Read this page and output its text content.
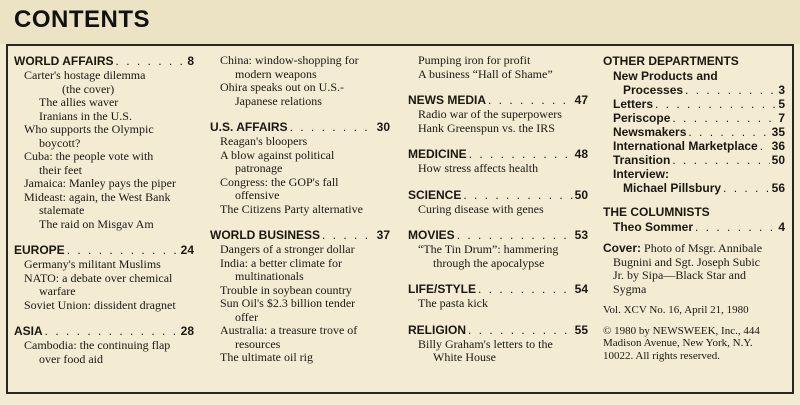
CONTENTS
WORLD AFFAIRS . . .	8
Carter's hostage dilemma
(the cover)
The allies waver
Iranians in the U.S.
Who supports the Olympic
boycott?
Cuba: the people vote with
their feet
Jamaica: Manley pays the piper
Mideast: again, the West Bank
stalemate
The raid on Misgav Am
EUROPE . . .	24
Germany's militant Muslims
NATO: a debate over chemical
warfare
Soviet Union: dissident dragnet
ASIA . . .	28
Cambodia: the continuing flap
over food aid
China: window-shopping for
modern weapons
Ohira speaks out on U.S.-
Japanese relations
U.S. AFFAIRS . . .	30
Reagan's bloopers
A blow against political
patronage
Congress: the GOP's fall
offensive
The Citizens Party alternative
WORLD BUSINESS . . .	37
Dangers of a stronger dollar
India: a better climate for
multinationals
Trouble in soybean country
Sun Oil's $2.3 billion tender
offer
Australia: a treasure trove of
resources
The ultimate oil rig
Pumping iron for profit
A business “Hall of Shame”
NEWS MEDIA . . .	47
Radio war of the superpowers
Hank Greenspun vs. the IRS
MEDICINE . . .	48
How stress affects health
SCIENCE . . .	50
Curing disease with genes
MOVIES . . .	53
“The Tin Drum”: hammering
through the apocalypse
LIFE/STYLE . . .	54
The pasta kick
RELIGION . . .	55
Billy Graham's letters to the
White House
OTHER DEPARTMENTS
New Products and
Processes . . .	3
Letters . . .	5
Periscope . . .	7
Newsmakers . . .	35
International Marketplace . . . 36
Transition . . .	50
Interview:
Michael Pillsbury . . .	56
THE COLUMNISTS
Theo Sommer . . .	4
Cover: Photo of Msgr. Annibale
Bugnini and Sgt. Joseph Subic
Jr. by Sipa—Black Star and
Sygma
Vol. XCV No. 16, April 21, 1980
© 1980 by NEWSWEEK, Inc., 444
Madison Avenue, New York, N.Y.
10022. All rights reserved.
